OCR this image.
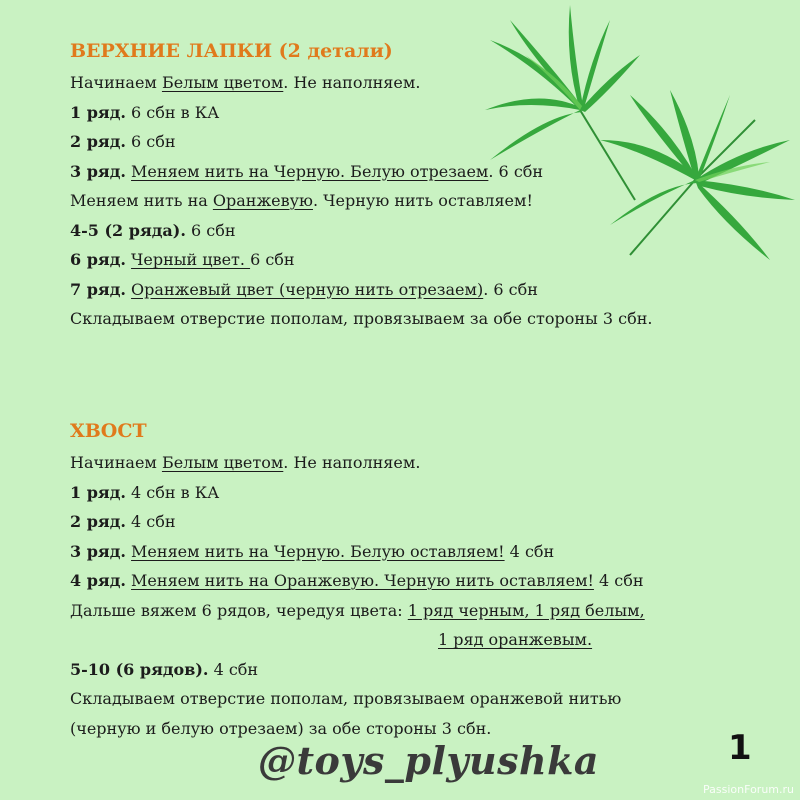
ВЕРХНИЕ ЛАПКИ (2 детали)
Начинаем Белым цветом. Не наполняем.
1 ряд. 6 сбн в КА
2 ряд. 6 сбн
3 ряд. Меняем нить на Черную. Белую отрезаем. 6 сбн
Меняем нить на Оранжевую. Черную нить оставляем!
4-5 (2 ряда). 6 сбн
6 ряд. Черный цвет. 6 сбн
7 ряд. Оранжевый цвет (черную нить отрезаем). 6 сбн
Складываем отверстие пополам, провязываем за обе стороны 3 сбн.
ХВОСТ
Начинаем Белым цветом. Не наполняем.
1 ряд. 4 сбн в КА
2 ряд. 4 сбн
3 ряд. Меняем нить на Черную. Белую оставляем! 4 сбн
4 ряд. Меняем нить на Оранжевую. Черную нить оставляем! 4 сбн
Дальше вяжем 6 рядов, чередуя цвета: 1 ряд черным, 1 ряд белым,
1 ряд оранжевым.
5-10 (6 рядов). 4 сбн
Складываем отверстие пополам, провязываем оранжевой нитью
(черную и белую отрезаем) за обе стороны 3 сбн.
@toys_plyushka	1
PassionForum.ru
